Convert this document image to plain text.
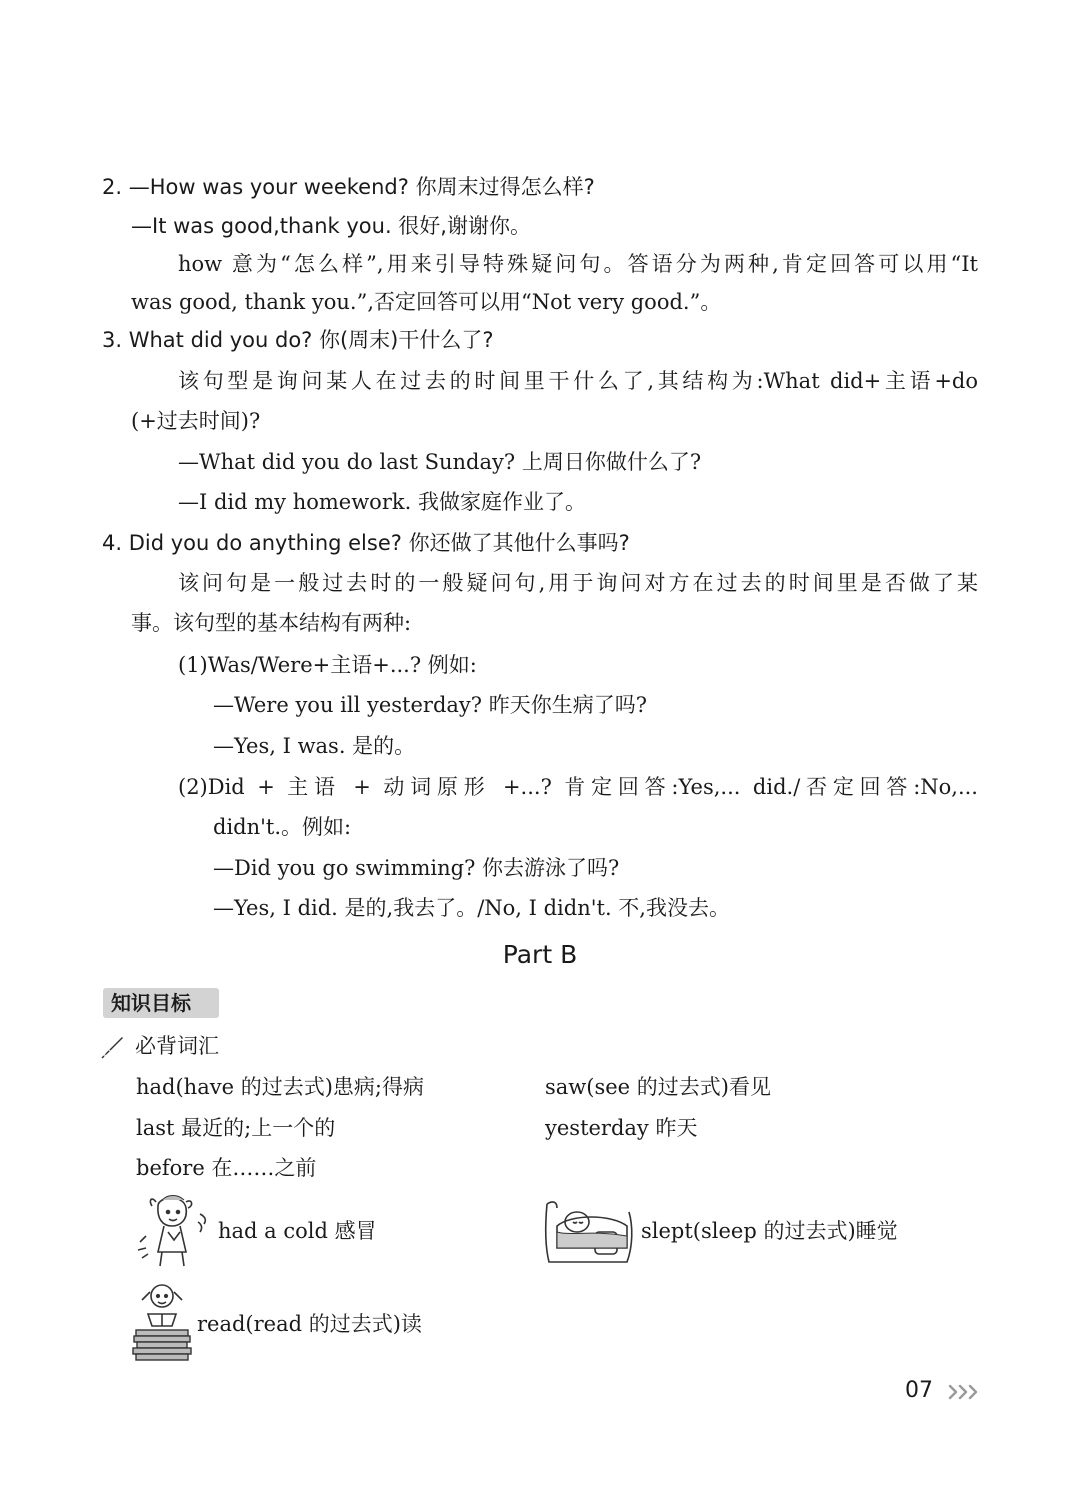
2. —How was your weekend? 你周末过得怎么样?
—It was good,thank you. 很好,谢谢你。
how 意为“怎么样”,用来引导特殊疑问句。答语分为两种,肯定回答可以用“It
was good, thank you.”,否定回答可以用“Not very good.”。
3. What did you do? 你(周末)干什么了?
该句型是询问某人在过去的时间里干什么了,其结构为:What did+主语+do
(+过去时间)?
—What did you do last Sunday? 上周日你做什么了?
—I did my homework. 我做家庭作业了。
4. Did you do anything else? 你还做了其他什么事吗?
该问句是一般过去时的一般疑问句,用于询问对方在过去的时间里是否做了某
事。该句型的基本结构有两种:
(1)Was/Were+主语+...? 例如:
—Were you ill yesterday? 昨天你生病了吗?
—Yes, I was. 是的。
(2)Did + 主语 + 动词原形 +...? 肯定回答:Yes,... did./否定回答:No,...
didn't.。例如:
—Did you go swimming? 你去游泳了吗?
—Yes, I did. 是的,我去了。/No, I didn't. 不,我没去。
Part B
知识目标
必背词汇
had(have 的过去式)患病;得病	saw(see 的过去式)看见
last 最近的;上一个的	yesterday 昨天
before 在……之前
had a cold 感冒	slept(sleep 的过去式)睡觉
read(read 的过去式)读
07
